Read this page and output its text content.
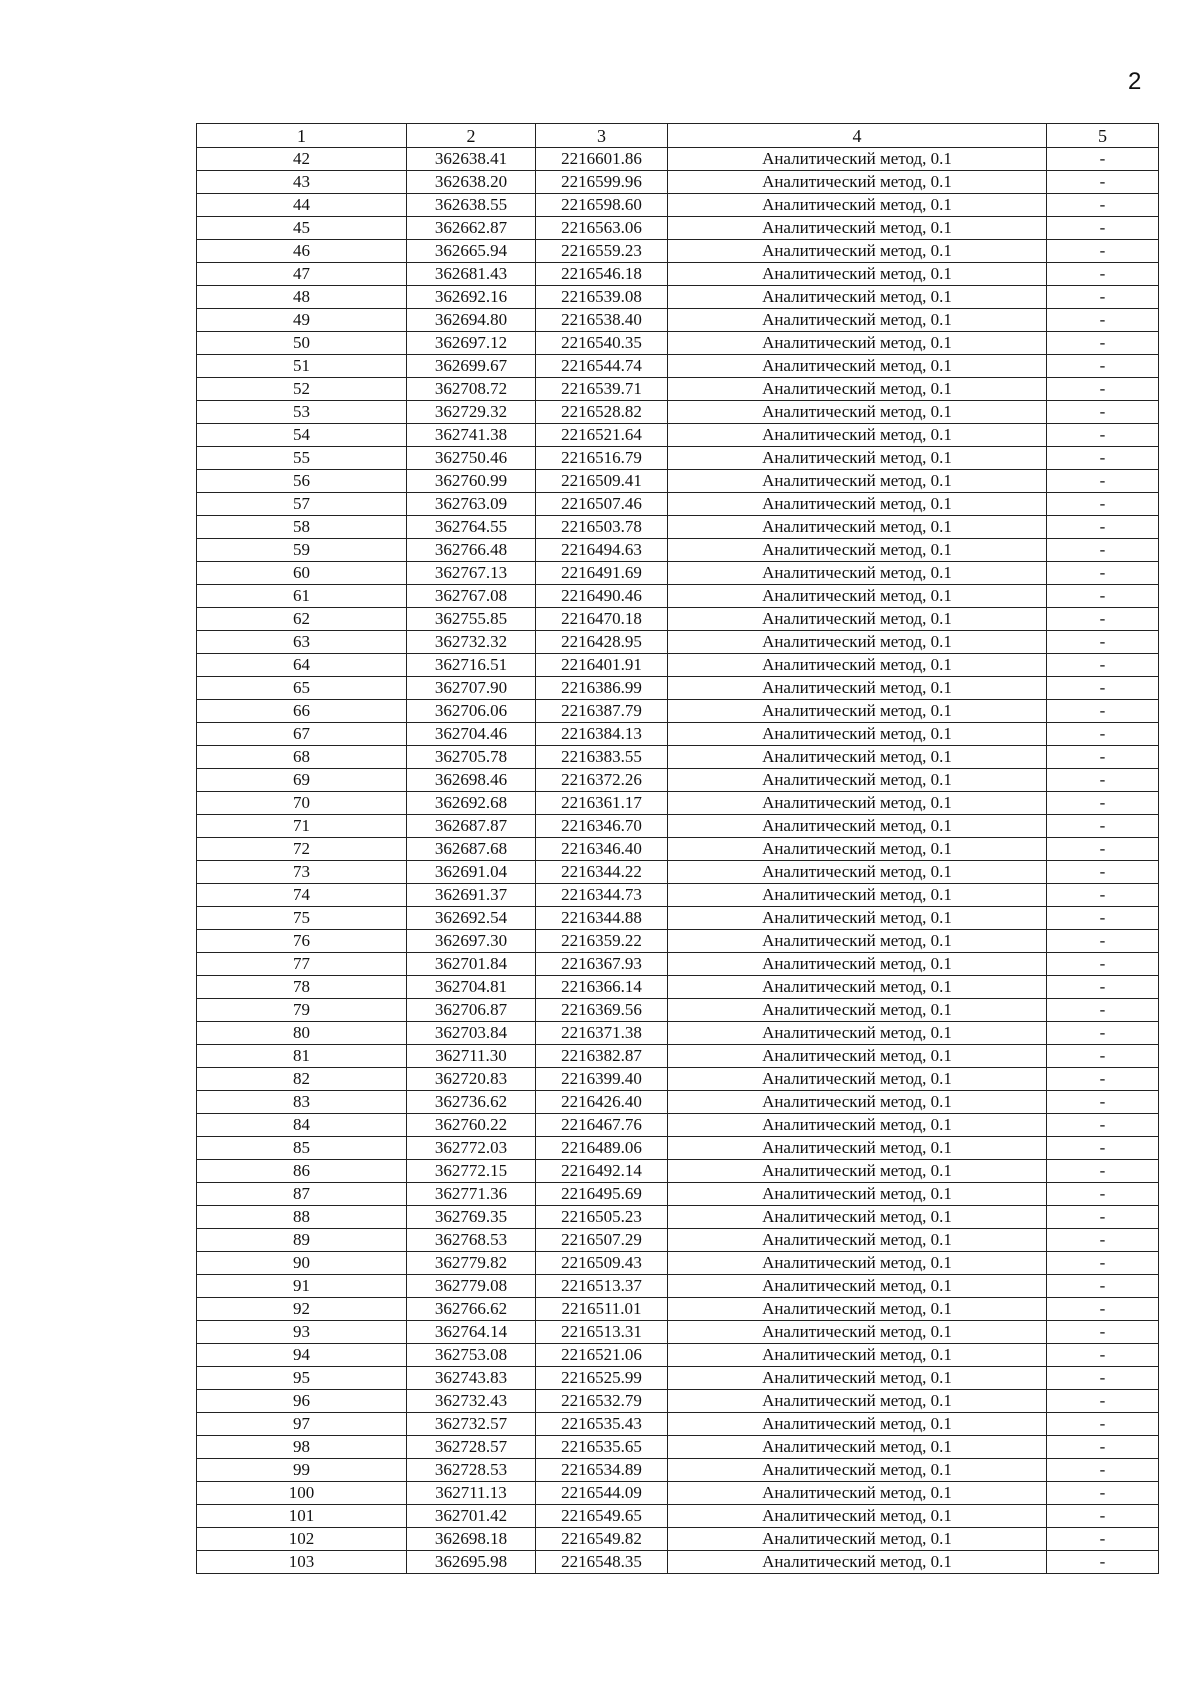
2
1	2	3	4	5
42	362638.41	2216601.86	Аналитический метод, 0.1	-
43	362638.20	2216599.96	Аналитический метод, 0.1	-
44	362638.55	2216598.60	Аналитический метод, 0.1	-
45	362662.87	2216563.06	Аналитический метод, 0.1	-
46	362665.94	2216559.23	Аналитический метод, 0.1	-
47	362681.43	2216546.18	Аналитический метод, 0.1	-
48	362692.16	2216539.08	Аналитический метод, 0.1	-
49	362694.80	2216538.40	Аналитический метод, 0.1	-
50	362697.12	2216540.35	Аналитический метод, 0.1	-
51	362699.67	2216544.74	Аналитический метод, 0.1	-
52	362708.72	2216539.71	Аналитический метод, 0.1	-
53	362729.32	2216528.82	Аналитический метод, 0.1	-
54	362741.38	2216521.64	Аналитический метод, 0.1	-
55	362750.46	2216516.79	Аналитический метод, 0.1	-
56	362760.99	2216509.41	Аналитический метод, 0.1	-
57	362763.09	2216507.46	Аналитический метод, 0.1	-
58	362764.55	2216503.78	Аналитический метод, 0.1	-
59	362766.48	2216494.63	Аналитический метод, 0.1	-
60	362767.13	2216491.69	Аналитический метод, 0.1	-
61	362767.08	2216490.46	Аналитический метод, 0.1	-
62	362755.85	2216470.18	Аналитический метод, 0.1	-
63	362732.32	2216428.95	Аналитический метод, 0.1	-
64	362716.51	2216401.91	Аналитический метод, 0.1	-
65	362707.90	2216386.99	Аналитический метод, 0.1	-
66	362706.06	2216387.79	Аналитический метод, 0.1	-
67	362704.46	2216384.13	Аналитический метод, 0.1	-
68	362705.78	2216383.55	Аналитический метод, 0.1	-
69	362698.46	2216372.26	Аналитический метод, 0.1	-
70	362692.68	2216361.17	Аналитический метод, 0.1	-
71	362687.87	2216346.70	Аналитический метод, 0.1	-
72	362687.68	2216346.40	Аналитический метод, 0.1	-
73	362691.04	2216344.22	Аналитический метод, 0.1	-
74	362691.37	2216344.73	Аналитический метод, 0.1	-
75	362692.54	2216344.88	Аналитический метод, 0.1	-
76	362697.30	2216359.22	Аналитический метод, 0.1	-
77	362701.84	2216367.93	Аналитический метод, 0.1	-
78	362704.81	2216366.14	Аналитический метод, 0.1	-
79	362706.87	2216369.56	Аналитический метод, 0.1	-
80	362703.84	2216371.38	Аналитический метод, 0.1	-
81	362711.30	2216382.87	Аналитический метод, 0.1	-
82	362720.83	2216399.40	Аналитический метод, 0.1	-
83	362736.62	2216426.40	Аналитический метод, 0.1	-
84	362760.22	2216467.76	Аналитический метод, 0.1	-
85	362772.03	2216489.06	Аналитический метод, 0.1	-
86	362772.15	2216492.14	Аналитический метод, 0.1	-
87	362771.36	2216495.69	Аналитический метод, 0.1	-
88	362769.35	2216505.23	Аналитический метод, 0.1	-
89	362768.53	2216507.29	Аналитический метод, 0.1	-
90	362779.82	2216509.43	Аналитический метод, 0.1	-
91	362779.08	2216513.37	Аналитический метод, 0.1	-
92	362766.62	2216511.01	Аналитический метод, 0.1	-
93	362764.14	2216513.31	Аналитический метод, 0.1	-
94	362753.08	2216521.06	Аналитический метод, 0.1	-
95	362743.83	2216525.99	Аналитический метод, 0.1	-
96	362732.43	2216532.79	Аналитический метод, 0.1	-
97	362732.57	2216535.43	Аналитический метод, 0.1	-
98	362728.57	2216535.65	Аналитический метод, 0.1	-
99	362728.53	2216534.89	Аналитический метод, 0.1	-
100	362711.13	2216544.09	Аналитический метод, 0.1	-
101	362701.42	2216549.65	Аналитический метод, 0.1	-
102	362698.18	2216549.82	Аналитический метод, 0.1	-
103	362695.98	2216548.35	Аналитический метод, 0.1	-
